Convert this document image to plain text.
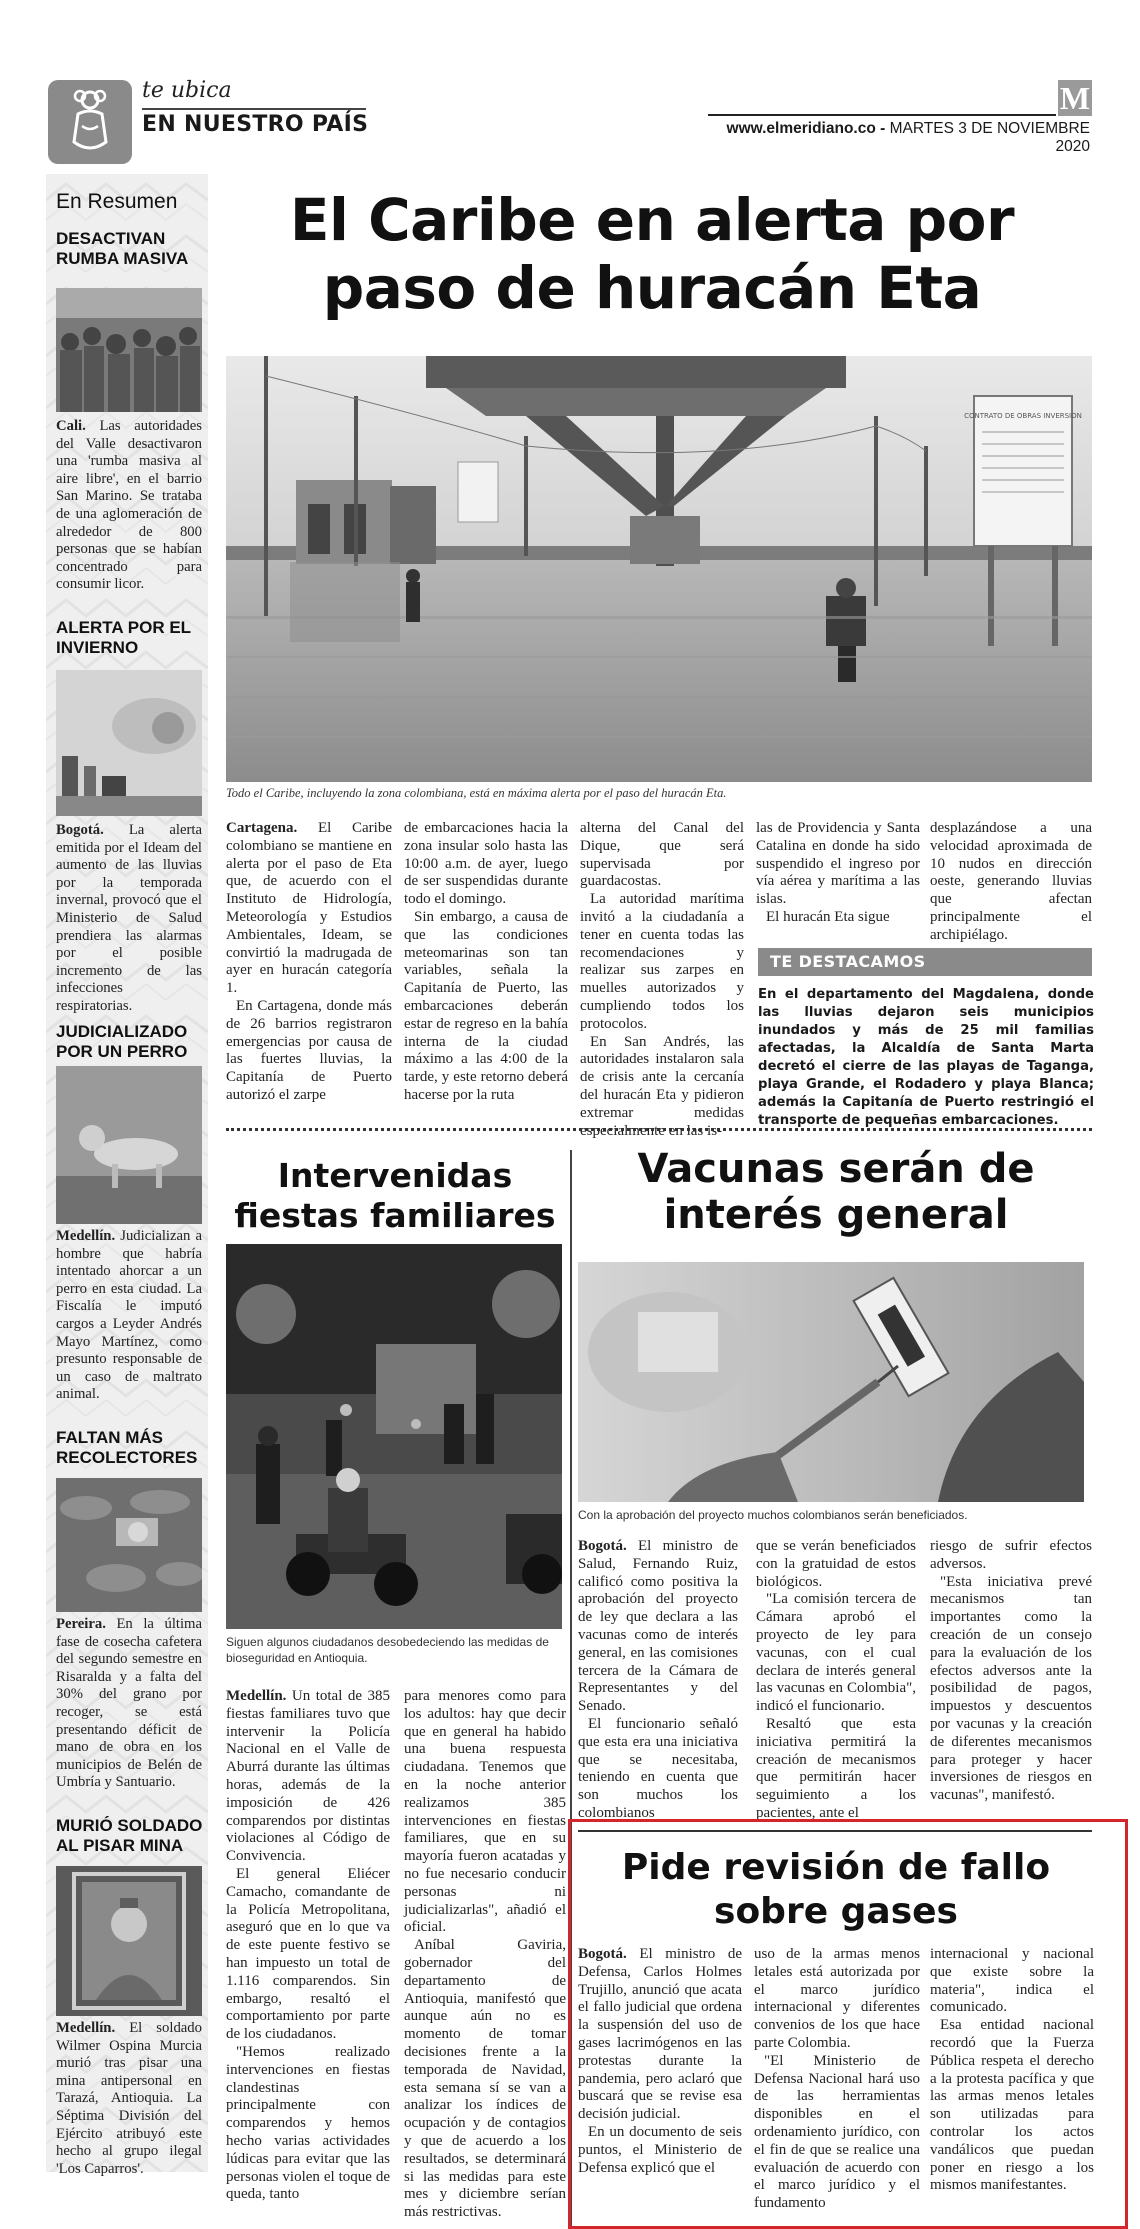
te ubica
EN NUESTRO PAÍS	www.elmeridiano.co - MARTES 3 DE NOVIEMBRE 2020
M
En Resumen
DESACTIVAN RUMBA MASIVA
Cali. Las autoridades del Valle desactivaron una 'rumba masiva al aire libre', en el barrio San Marino. Se trataba de una aglomeración de alrededor de 800 personas que se habían concentrado para consumir licor.
ALERTA POR EL INVIERNO
Bogotá. La alerta emitida por el Ideam del aumento de las lluvias por la temporada invernal, provocó que el Ministerio de Salud prendiera las alarmas por el posible incremento de las infecciones respiratorias.
JUDICIALIZADO POR UN PERRO
Medellín. Judicializan a hombre que habría intentado ahorcar a un perro en esta ciudad. La Fiscalía le imputó cargos a Leyder Andrés Mayo Martínez, como presunto responsable de un caso de maltrato animal.
FALTAN MÁS RECOLECTORES
Pereira. En la última fase de cosecha cafetera del segundo semestre en Risaralda y a falta del 30% del grano por recoger, se está presentando déficit de mano de obra en los municipios de Belén de Umbría y Santuario.
MURIÓ SOLDADO AL PISAR MINA
Medellín. El soldado Wilmer Ospina Murcia murió tras pisar una mina antipersonal en Tarazá, Antioquia. La Séptima División del Ejército atribuyó este hecho al grupo ilegal 'Los Caparros'.
El Caribe en alerta por paso de huracán Eta
CONTRATO DE OBRAS INVERSION
Todo el Caribe, incluyendo la zona colombiana, está en máxima alerta por el paso del huracán Eta.

Cartagena. El Caribe colombiano se mantiene en alerta por el paso de Eta que, de acuerdo con el Instituto de Hidrología, Meteorología y Estudios Ambientales, Ideam, se convirtió la madrugada de ayer en huracán categoría 1.

En Cartagena, donde más de 26 barrios registraron emergencias por causa de las fuertes lluvias, la Capitanía de Puerto autorizó el zarpe

de embarcaciones hacia la zona insular solo hasta las 10:00 a.m. de ayer, luego de ser suspendidas durante todo el domingo.

Sin embargo, a causa de que las condiciones meteomarinas son tan variables, señala la Capitanía de Puerto, las embarcaciones deberán estar de regreso en la bahía interna de la ciudad máximo a las 4:00 de la tarde, y este retorno deberá hacerse por la ruta

alterna del Canal del Dique, que será supervisada por guardacostas.

La autoridad marítima invitó a la ciudadanía a tener en cuenta todas las recomendaciones y realizar sus zarpes en muelles autorizados y cumpliendo todos los protocolos.

En San Andrés, las autoridades instalaron sala de crisis ante la cercanía del huracán Eta y pidieron extremar medidas especialmente en las is-

las de Providencia y Santa Catalina en donde ha sido suspendido el ingreso por vía aérea y marítima a las islas.

El huracán Eta sigue

desplazándose a una velocidad aproximada de 10 nudos en dirección oeste, generando lluvias que afectan principalmente el archipiélago.

TE DESTACAMOS
En el departamento del Magdalena, donde las lluvias dejaron seis municipios inundados y más de 25 mil familias afectadas, la Alcaldía de Santa Marta decretó el cierre de las playas de Taganga, playa Grande, el Rodadero y playa Blanca; además la Capitanía de Puerto restringió el transporte de pequeñas embarcaciones.
Intervenidas fiestas familiares
Siguen algunos ciudadanos desobedeciendo las medidas de bioseguridad en Antioquia.

Medellín. Un total de 385 fiestas familiares tuvo que intervenir la Policía Nacional en el Valle de Aburrá durante las últimas horas, además de la imposición de 426 comparendos por distintas violaciones al Código de Convivencia.

El general Eliécer Camacho, comandante de la Policía Metropolitana, aseguró que en lo que va de este puente festivo se han impuesto un total de 1.116 comparendos. Sin embargo, resaltó el comportamiento por parte de los ciudadanos.

"Hemos realizado intervenciones en fiestas clandestinas principalmente con comparendos y hemos hecho varias actividades lúdicas para evitar que las personas violen el toque de queda, tanto

para menores como para los adultos: hay que decir que en general ha habido una buena respuesta ciudadana. Tenemos que en la noche anterior realizamos 385 intervenciones en fiestas familiares, que en su mayoría fueron acatadas y no fue necesario conducir personas ni judicializarlas", añadió el oficial.

Aníbal Gaviria, gobernador del departamento de Antioquia, manifestó que aunque aún no es momento de tomar decisiones frente a la temporada de Navidad, esta semana sí se van a analizar los índices de ocupación y de contagios y que de acuerdo a los resultados, se determinará si las medidas para este mes y diciembre serían más restrictivas.

Vacunas serán de interés general
Con la aprobación del proyecto muchos colombianos serán beneficiados.

Bogotá. El ministro de Salud, Fernando Ruiz, calificó como positiva la aprobación del proyecto de ley que declara a las vacunas como de interés general, en las comisiones tercera de la Cámara de Representantes y del Senado.

El funcionario señaló que esta era una iniciativa que se necesitaba, teniendo en cuenta que son muchos los colombianos

que se verán beneficiados con la gratuidad de estos biológicos.

"La comisión tercera de Cámara aprobó el proyecto de ley para vacunas, con el cual declara de interés general las vacunas en Colombia", indicó el funcionario.

Resaltó que esta iniciativa permitirá la creación de mecanismos que permitirán hacer seguimiento a los pacientes, ante el

riesgo de sufrir efectos adversos.

"Esta iniciativa prevé mecanismos tan importantes como la creación de un consejo para la evaluación de los efectos adversos ante la posibilidad de pagos, impuestos y descuentos por vacunas y la creación de diferentes mecanismos para proteger y hacer inversiones de riesgos en vacunas", manifestó.

Pide revisión de fallo sobre gases

Bogotá. El ministro de Defensa, Carlos Holmes Trujillo, anunció que acata el fallo judicial que ordena la suspensión del uso de gases lacrimógenos en las protestas durante la pandemia, pero aclaró que buscará que se revise esa decisión judicial.

En un documento de seis puntos, el Ministerio de Defensa explicó que el

uso de la armas menos letales está autorizada por el marco jurídico internacional y diferentes convenios de los que hace parte Colombia.

"El Ministerio de Defensa Nacional hará uso de las herramientas disponibles en el ordenamiento jurídico, con el fin de que se realice una evaluación de acuerdo con el marco jurídico y el fundamento

internacional y nacional que existe sobre la materia", indica el comunicado.

Esa entidad nacional recordó que la Fuerza Pública respeta el derecho a la protesta pacífica y que las armas menos letales son utilizadas para controlar los actos vandálicos que puedan poner en riesgo a los mismos manifestantes.
